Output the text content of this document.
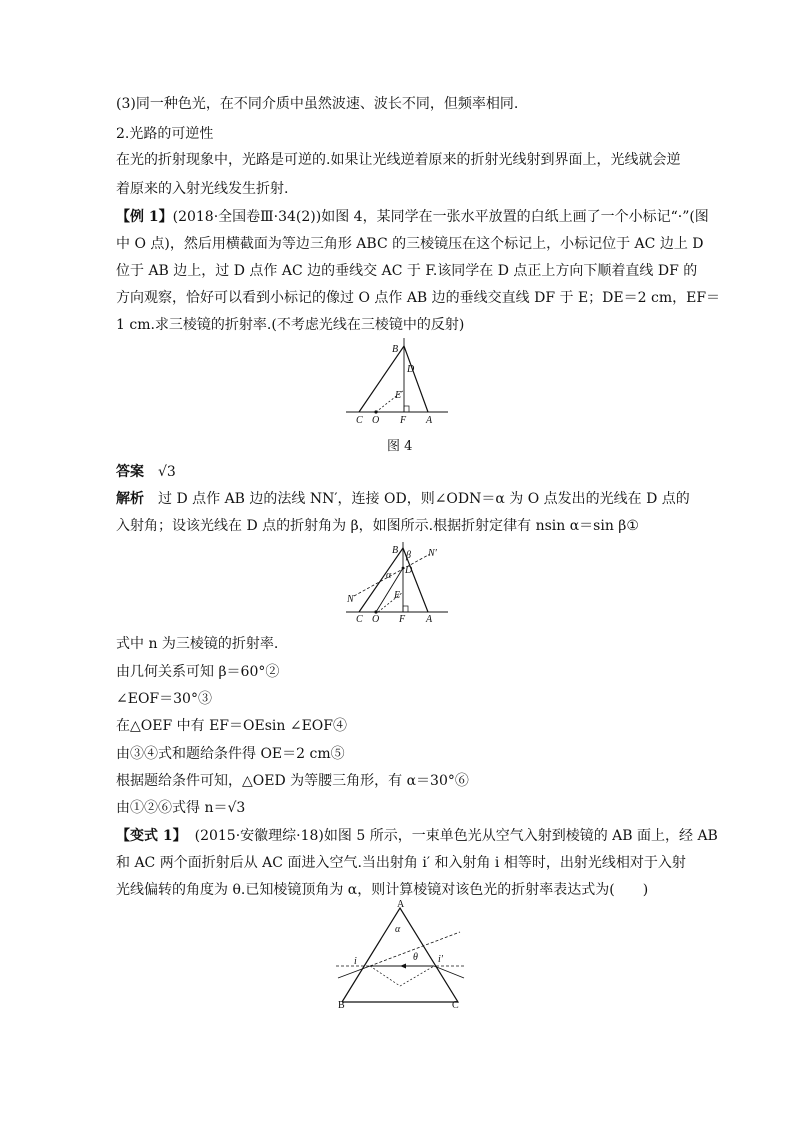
(3)同一种色光，在不同介质中虽然波速、波长不同，但频率相同.
2.光路的可逆性
在光的折射现象中，光路是可逆的.如果让光线逆着原来的折射光线射到界面上，光线就会逆
着原来的入射光线发生折射.
【例 1】(2018·全国卷Ⅲ·34(2))如图 4，某同学在一张水平放置的白纸上画了一个小标记“·”(图
中 O 点)，然后用横截面为等边三角形 ABC 的三棱镜压在这个标记上，小标记位于 AC 边上 D
位于 AB 边上，过 D 点作 AC 边的垂线交 AC 于 F.该同学在 D 点正上方向下顺着直线 DF 的
方向观察，恰好可以看到小标记的像过 O 点作 AB 边的垂线交直线 DF 于 E；DE＝2 cm，EF＝
1 cm.求三棱镜的折射率.(不考虑光线在三棱镜中的反射)
B
D
E
C O F A
图 4
答案 √3
解析 过 D 点作 AB 边的法线 NN′，连接 OD，则∠ODN＝α 为 O 点发出的光线在 D 点的
入射角；设该光线在 D 点的折射角为 β，如图所示.根据折射定律有 nsin α＝sin β①
B β N′
α D
N	E
C O F A
式中 n 为三棱镜的折射率.
由几何关系可知 β＝60°②
∠EOF＝30°③
在△OEF 中有 EF＝OEsin ∠EOF④
由③④式和题给条件得 OE＝2 cm⑤
根据题给条件可知，△OED 为等腰三角形，有 α＝30°⑥
由①②⑥式得 n＝√3
【变式 1】 (2015·安徽理综·18)如图 5 所示，一束单色光从空气入射到棱镜的 AB 面上，经 AB
和 AC 两个面折射后从 AC 面进入空气.当出射角 i′ 和入射角 i 相等时，出射光线相对于入射
光线偏转的角度为 θ.已知棱镜顶角为 α，则计算棱镜对该色光的折射率表达式为(　　)
A
α
θ
i	i′
B	C
